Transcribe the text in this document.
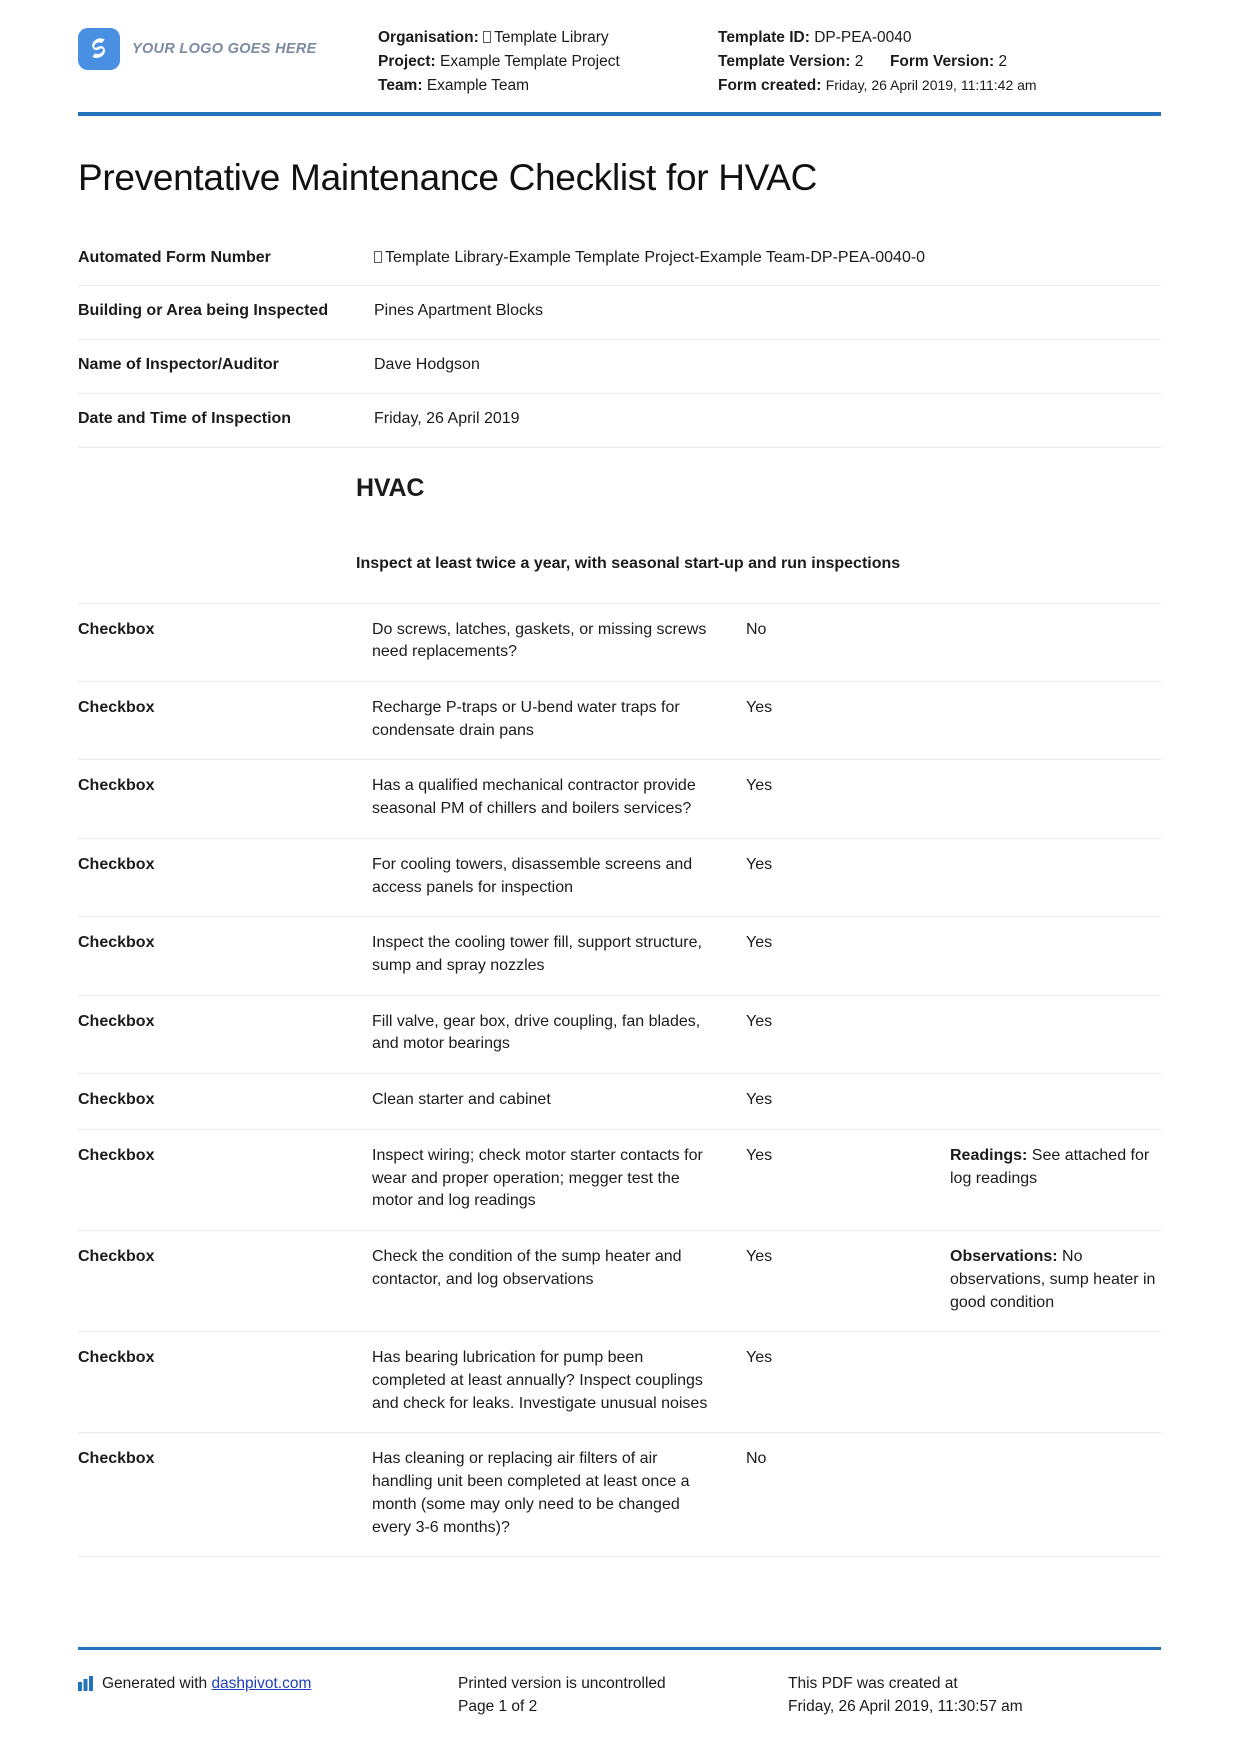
YOUR LOGO GOES HERE
Organisation: Template Library
Project: Example Template Project
Team: Example Team
Template ID: DP-PEA-0040
Template Version: 2 Form Version: 2
Form created: Friday, 26 April 2019, 11:11:42 am
Preventative Maintenance Checklist for HVAC
Automated Form Number	Template Library-Example Template Project-Example Team-DP-PEA-0040-0
Building or Area being Inspected	Pines Apartment Blocks
Name of Inspector/Auditor	Dave Hodgson
Date and Time of Inspection	Friday, 26 April 2019
HVAC
Inspect at least twice a year, with seasonal start-up and run inspections
Checkbox	Do screws, latches, gaskets, or missing screws need replacements?	No	
Checkbox	Recharge P-traps or U-bend water traps for condensate drain pans	Yes	
Checkbox	Has a qualified mechanical contractor provide seasonal PM of chillers and boilers services?	Yes	
Checkbox	For cooling towers, disassemble screens and access panels for inspection	Yes	
Checkbox	Inspect the cooling tower fill, support structure, sump and spray nozzles	Yes	
Checkbox	Fill valve, gear box, drive coupling, fan blades, and motor bearings	Yes	
Checkbox	Clean starter and cabinet	Yes	
Checkbox	Inspect wiring; check motor starter contacts for wear and proper operation; megger test the motor and log readings	Yes	Readings: See attached for log readings
Checkbox	Check the condition of the sump heater and contactor, and log observations	Yes	Observations: No observations, sump heater in good condition
Checkbox	Has bearing lubrication for pump been completed at least annually? Inspect couplings and check for leaks. Investigate unusual noises	Yes	
Checkbox	Has cleaning or replacing air filters of air handling unit been completed at least once a month (some may only need to be changed every 3-6 months)?	No	

Generated with dashpivot.com	Printed version is uncontrolled
Page 1 of 2
This PDF was created at
Friday, 26 April 2019, 11:30:57 am
